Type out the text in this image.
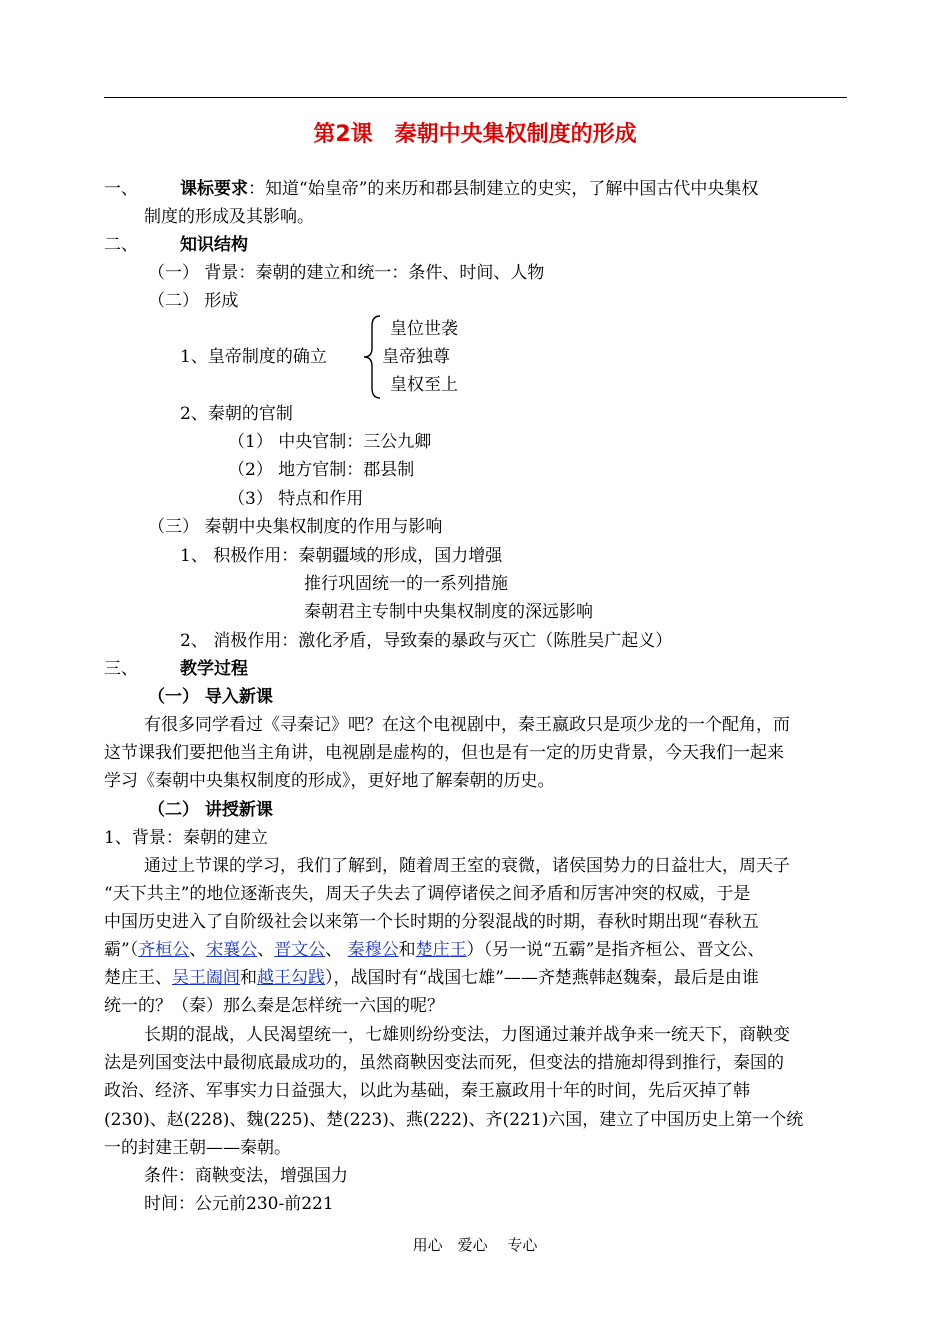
第2课　秦朝中央集权制度的形成
一、 课标要求：知道“始皇帝”的来历和郡县制建立的史实，了解中国古代中央集权
制度的形成及其影响。
二、 知识结构
（一） 背景：秦朝的建立和统一：条件、时间、人物
（二） 形成
1、皇帝制度的确立
皇位世袭
皇帝独尊
皇权至上
2、秦朝的官制
（1） 中央官制：三公九卿
（2） 地方官制：郡县制
（3） 特点和作用
（三） 秦朝中央集权制度的作用与影响
1、 积极作用：秦朝疆域的形成，国力增强
推行巩固统一的一系列措施
秦朝君主专制中央集权制度的深远影响
2、 消极作用：激化矛盾，导致秦的暴政与灭亡（陈胜吴广起义）
三、 教学过程
（一） 导入新课
有很多同学看过《寻秦记》吧？在这个电视剧中，秦王嬴政只是项少龙的一个配角，而
这节课我们要把他当主角讲，电视剧是虚构的，但也是有一定的历史背景，今天我们一起来
学习《秦朝中央集权制度的形成》，更好地了解秦朝的历史。
（二） 讲授新课
1、背景：秦朝的建立
通过上节课的学习，我们了解到，随着周王室的衰微，诸侯国势力的日益壮大，周天子
“天下共主”的地位逐渐丧失，周天子失去了调停诸侯之间矛盾和厉害冲突的权威，于是
中国历史进入了自阶级社会以来第一个长时期的分裂混战的时期，春秋时期出现“春秋五
霸”（齐桓公、宋襄公、晋文公、 秦穆公和楚庄王）（另一说“五霸”是指齐桓公、晋文公、
楚庄王、吴王阖闾和越王勾践），战国时有“战国七雄”——齐楚燕韩赵魏秦，最后是由谁
统一的？（秦）那么秦是怎样统一六国的呢？
长期的混战，人民渴望统一，七雄则纷纷变法，力图通过兼并战争来一统天下，商鞅变
法是列国变法中最彻底最成功的，虽然商鞅因变法而死，但变法的措施却得到推行，秦国的
政治、经济、军事实力日益强大，以此为基础，秦王嬴政用十年的时间，先后灭掉了韩
(230)、赵(228)、魏(225)、楚(223)、燕(222)、齐(221)六国，建立了中国历史上第一个统
一的封建王朝——秦朝。
条件：商鞅变法，增强国力
时间：公元前230-前221
用心　爱心　 专心
